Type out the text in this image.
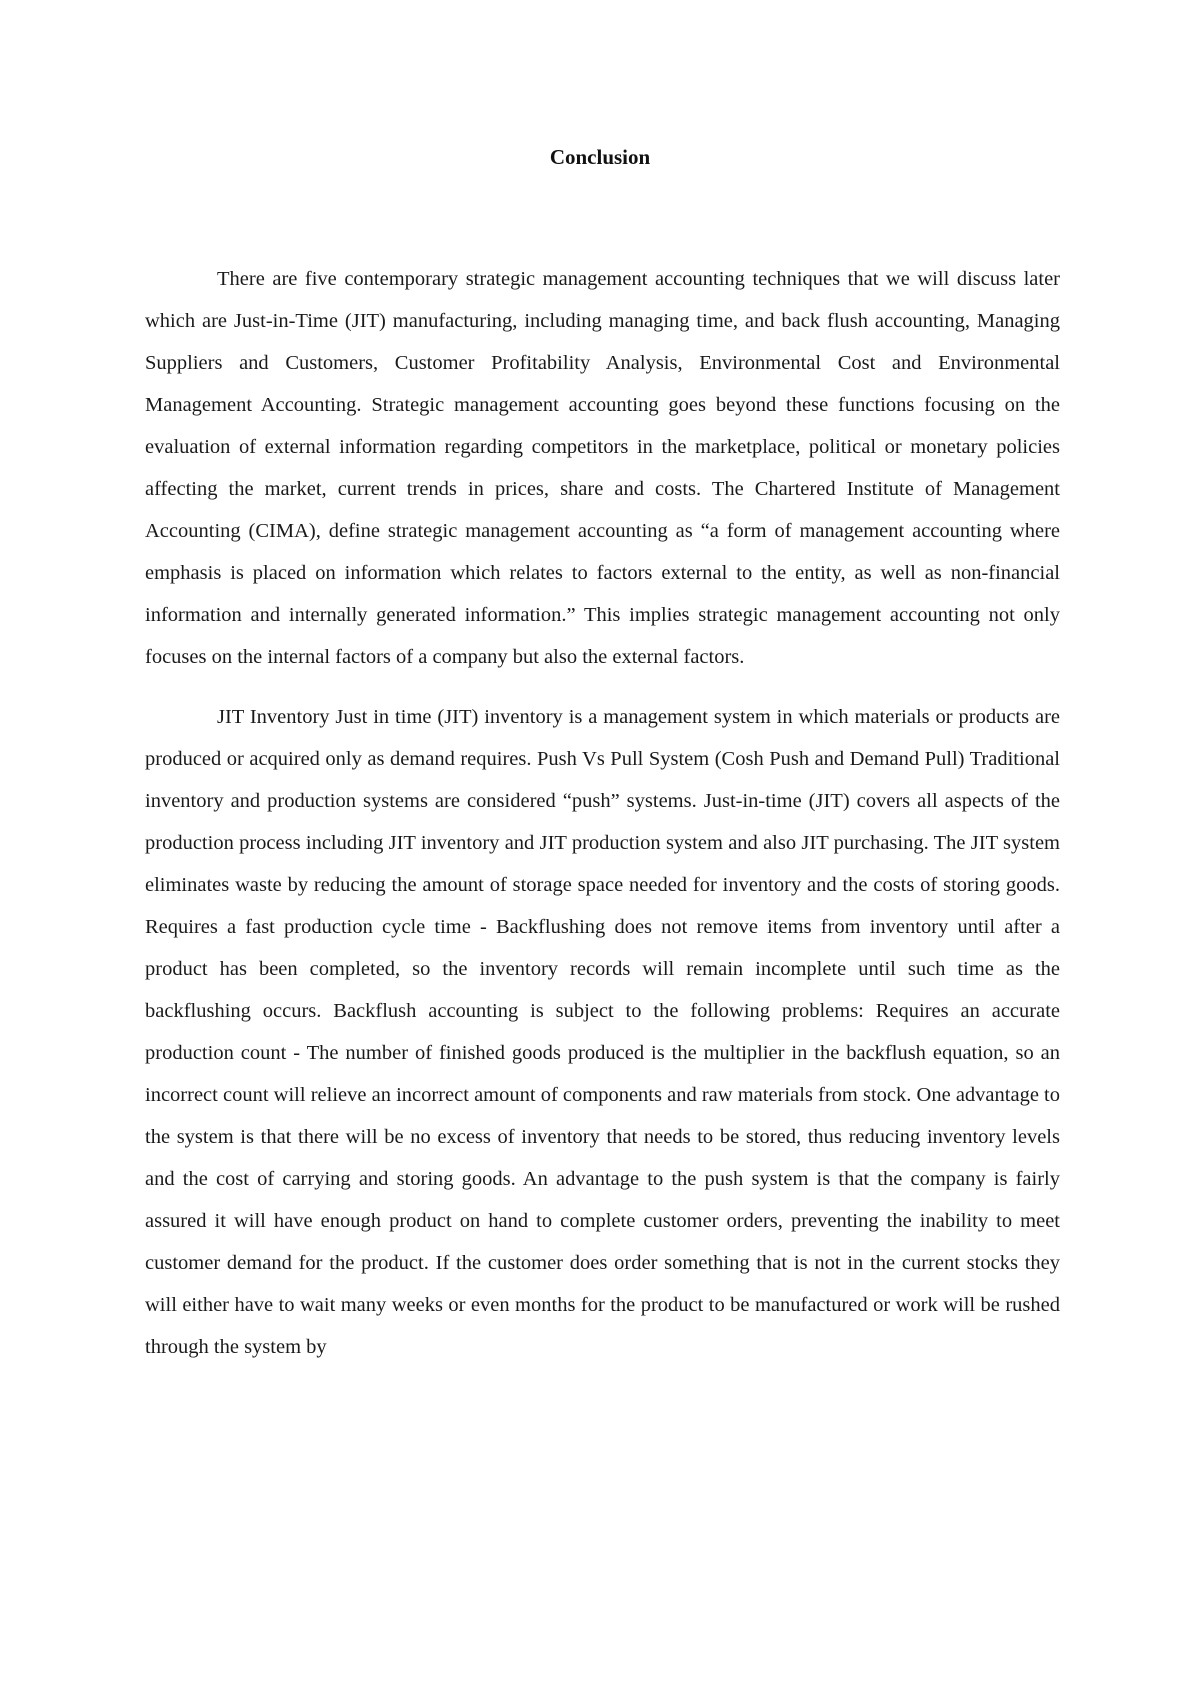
Conclusion

There are five contemporary strategic management accounting techniques that we will discuss later which are Just-in-Time (JIT) manufacturing, including managing time, and back flush accounting, Managing Suppliers and Customers, Customer Profitability Analysis, Environmental Cost and Environmental Management Accounting. Strategic management accounting goes beyond these functions focusing on the evaluation of external information regarding competitors in the marketplace, political or monetary policies affecting the market, current trends in prices, share and costs. The Chartered Institute of Management Accounting (CIMA), define strategic management accounting as “a form of management accounting where emphasis is placed on information which relates to factors external to the entity, as well as non-financial information and internally generated information.” This implies strategic management accounting not only focuses on the internal factors of a company but also the external factors.

JIT Inventory Just in time (JIT) inventory is a management system in which materials or products are produced or acquired only as demand requires. Push Vs Pull System (Cosh Push and Demand Pull) Traditional inventory and production systems are considered “push” systems. Just-in-time (JIT) covers all aspects of the production process including JIT inventory and JIT production system and also JIT purchasing. The JIT system eliminates waste by reducing the amount of storage space needed for inventory and the costs of storing goods. Requires a fast production cycle time - Backflushing does not remove items from inventory until after a product has been completed, so the inventory records will remain incomplete until such time as the backflushing occurs. Backflush accounting is subject to the following problems: Requires an accurate production count - The number of finished goods produced is the multiplier in the backflush equation, so an incorrect count will relieve an incorrect amount of components and raw materials from stock. One advantage to the system is that there will be no excess of inventory that needs to be stored, thus reducing inventory levels and the cost of carrying and storing goods. An advantage to the push system is that the company is fairly assured it will have enough product on hand to complete customer orders, preventing the inability to meet customer demand for the product. If the customer does order something that is not in the current stocks they will either have to wait many weeks or even months for the product to be manufactured or work will be rushed through the system by
